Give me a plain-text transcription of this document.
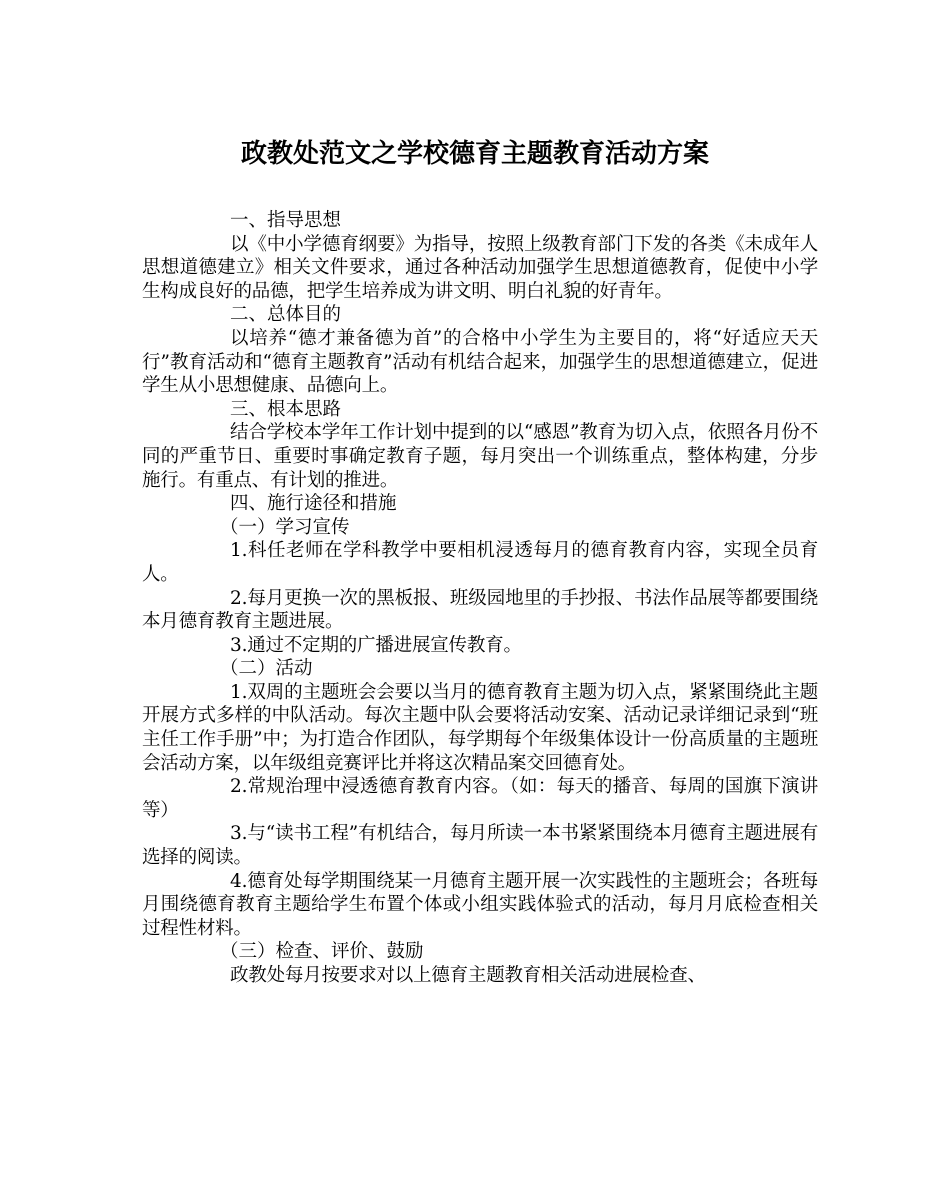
政教处范文之学校德育主题教育活动方案
一、指导思想
以《中小学德育纲要》为指导，按照上级教育部门下发的各类《未成年人思想道德建立》相关文件要求，通过各种活动加强学生思想道德教育，促使中小学生构成良好的品德，把学生培养成为讲文明、明白礼貌的好青年。
二、总体目的
以培养“德才兼备德为首”的合格中小学生为主要目的，将“好适应天天行”教育活动和“德育主题教育”活动有机结合起来，加强学生的思想道德建立，促进学生从小思想健康、品德向上。
三、根本思路
结合学校本学年工作计划中提到的以“感恩”教育为切入点，依照各月份不同的严重节日、重要时事确定教育子题，每月突出一个训练重点，整体构建，分步施行。有重点、有计划的推进。
四、施行途径和措施
（一）学习宣传
1.科任老师在学科教学中要相机浸透每月的德育教育内容，实现全员育人。
2.每月更换一次的黑板报、班级园地里的手抄报、书法作品展等都要围绕本月德育教育主题进展。
3.通过不定期的广播进展宣传教育。
（二）活动
1.双周的主题班会会要以当月的德育教育主题为切入点，紧紧围绕此主题开展方式多样的中队活动。每次主题中队会要将活动安案、活动记录详细记录到“班主任工作手册”中；为打造合作团队，每学期每个年级集体设计一份高质量的主题班会活动方案，以年级组竞赛评比并将这次精品案交回德育处。
2.常规治理中浸透德育教育内容。（如：每天的播音、每周的国旗下演讲等）
3.与“读书工程”有机结合，每月所读一本书紧紧围绕本月德育主题进展有选择的阅读。
4.德育处每学期围绕某一月德育主题开展一次实践性的主题班会；各班每月围绕德育教育主题给学生布置个体或小组实践体验式的活动，每月月底检查相关过程性材料。
（三）检查、评价、鼓励
政教处每月按要求对以上德育主题教育相关活动进展检查、
